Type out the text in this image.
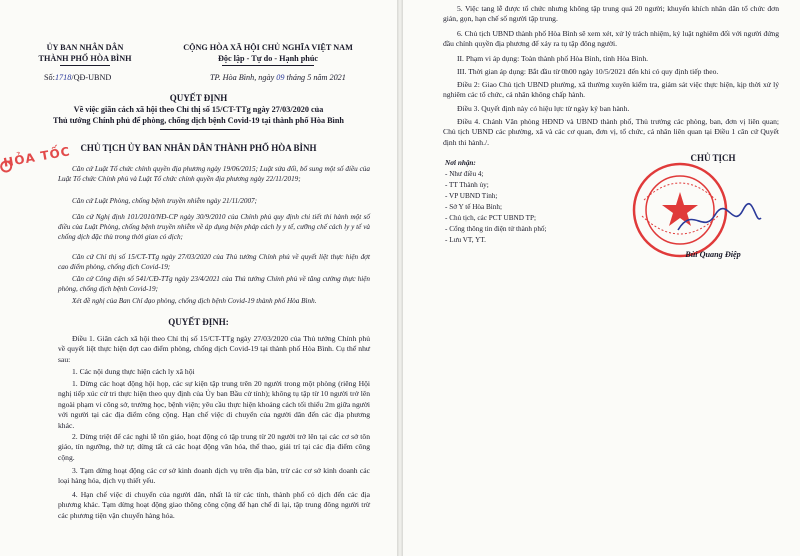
ỦY BAN NHÂN DÂN
THÀNH PHỐ HÒA BÌNH
Số:1718/QĐ-UBND
CỘNG HÒA XÃ HỘI CHỦ NGHĨA VIỆT NAM
Độc lập - Tự do - Hạnh phúc
TP. Hòa Bình, ngày 09 tháng 5 năm 2021
QUYẾT ĐỊNH
Về việc giãn cách xã hội theo Chỉ thị số 15/CT-TTg ngày 27/03/2020 của
Thủ tướng Chính phủ để phòng, chống dịch bệnh Covid-19 tại thành phố Hòa Bình
HỎA TỐC CHỦ TỊCH ỦY BAN NHÂN DÂN THÀNH PHỐ HÒA BÌNH
Căn cứ Luật Tổ chức chính quyền địa phương ngày 19/06/2015; Luật sửa đổi, bổ sung một số điều của Luật Tổ chức Chính phủ và Luật Tổ chức chính quyền địa phương ngày 22/11/2019;
Căn cứ Luật Phòng, chống bệnh truyền nhiễm ngày 21/11/2007;
Căn cứ Nghị định 101/2010/NĐ-CP ngày 30/9/2010 của Chính phủ quy định chi tiết thi hành một số điều của Luật Phòng, chống bệnh truyền nhiễm về áp dụng biện pháp cách ly y tế, cưỡng chế cách ly y tế và chống dịch đặc thù trong thời gian có dịch;
Căn cứ Chỉ thị số 15/CT-TTg ngày 27/03/2020 của Thủ tướng Chính phủ về quyết liệt thực hiện đợt cao điểm phòng, chống dịch Covid-19;
Căn cứ Công điện số 541/CĐ-TTg ngày 23/4/2021 của Thủ tướng Chính phủ về tăng cường thực hiện phòng, chống dịch bệnh Covid-19;
Xét đề nghị của Ban Chỉ đạo phòng, chống dịch bệnh Covid-19 thành phố Hòa Bình.
QUYẾT ĐỊNH:
Điều 1. Giãn cách xã hội theo Chỉ thị số 15/CT-TTg ngày 27/03/2020 của Thủ tướng Chính phủ về quyết liệt thực hiện đợt cao điểm phòng, chống dịch Covid-19 tại thành phố Hòa Bình. Cụ thể như sau:
1. Các nội dung thực hiện cách ly xã hội
1. Dừng các hoạt động hội họp, các sự kiện tập trung trên 20 người trong một phòng (riêng Hội nghị tiếp xúc cử tri thực hiện theo quy định của Ủy ban Bầu cử tỉnh); không tụ tập từ 10 người trở lên ngoài phạm vi công sở, trường học, bệnh viện; yêu cầu thực hiện khoảng cách tối thiểu 2m giữa người với người tại các địa điểm công cộng. Hạn chế việc di chuyển của người dân đến các địa phương khác.
2. Dừng triệt để các nghi lễ tôn giáo, hoạt động có tập trung từ 20 người trở lên tại các cơ sở tôn giáo, tín ngưỡng, thờ tự; dừng tất cả các hoạt động văn hóa, thể thao, giải trí tại các địa điểm công cộng.
3. Tạm dừng hoạt động các cơ sở kinh doanh dịch vụ trên địa bàn, trừ các cơ sở kinh doanh các loại hàng hóa, dịch vụ thiết yếu.
4. Hạn chế việc di chuyển của người dân, nhất là từ các tỉnh, thành phố có dịch đến các địa phương khác. Tạm dừng hoạt động giao thông công cộng để hạn chế đi lại, tập trung đông người trừ các phương tiện vận chuyển hàng hóa.
5. Việc tang lễ được tổ chức nhưng không tập trung quá 20 người; khuyến khích nhân dân tổ chức đơn giản, gọn, hạn chế số người tập trung.
6. Chủ tịch UBND thành phố Hòa Bình sẽ xem xét, xử lý trách nhiệm, kỷ luật nghiêm đối với người đứng đầu chính quyền địa phương để xảy ra tụ tập đông người.
II. Phạm vi áp dụng: Toàn thành phố Hòa Bình, tỉnh Hòa Bình.
III. Thời gian áp dụng: Bắt đầu từ 0h00 ngày 10/5/2021 đến khi có quy định tiếp theo.
Điều 2: Giao Chủ tịch UBND phường, xã thường xuyên kiểm tra, giám sát việc thực hiện, kịp thời xử lý nghiêm các tổ chức, cá nhân không chấp hành.
Điều 3. Quyết định này có hiệu lực từ ngày ký ban hành.
Điều 4. Chánh Văn phòng HĐND và UBND thành phố, Thủ trưởng các phòng, ban, đơn vị liên quan; Chủ tịch UBND các phường, xã và các cơ quan, đơn vị, tổ chức, cá nhân liên quan tại Điều 1 căn cứ Quyết định thi hành./.
Nơi nhận:
- Như điều 4;
- TT Thành ủy;
- VP UBND Tỉnh;
- Sở Y tế Hòa Bình;
- Chủ tịch, các PCT UBND TP;
- Cổng thông tin điện tử thành phố;
- Lưu VT, YT.
CHỦ TỊCH
Bùi Quang Điệp
